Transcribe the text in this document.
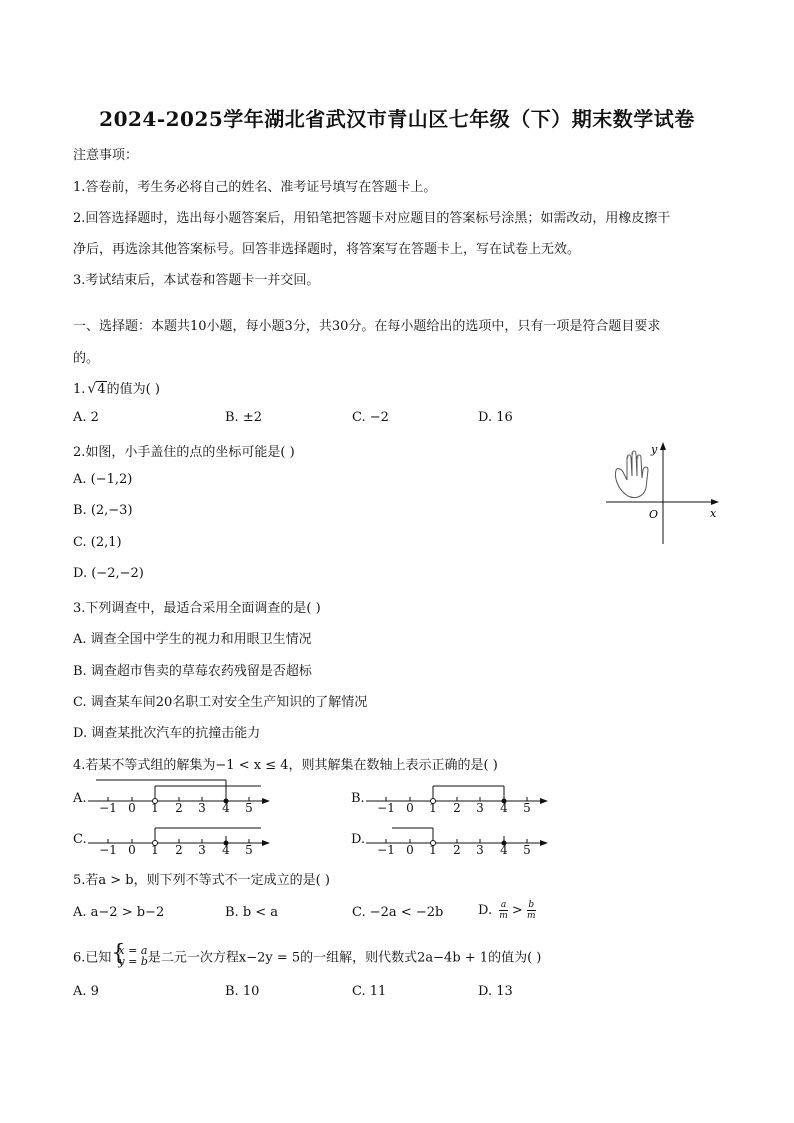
2024-2025学年湖北省武汉市青山区七年级（下）期末数学试卷
注意事项：
1.答卷前，考生务必将自己的姓名、准考证号填写在答题卡上。
2.回答选择题时，选出每小题答案后，用铅笔把答题卡对应题目的答案标号涂黑；如需改动，用橡皮擦干
净后，再选涂其他答案标号。回答非选择题时，将答案写在答题卡上，写在试卷上无效。
3.考试结束后，本试卷和答题卡一并交回。
一、选择题：本题共10小题，每小题3分，共30分。在每小题给出的选项中，只有一项是符合题目要求
的。
1. √4的值为( )
A. 2	B. ±2	C. −2	D. 16
2.如图，小手盖住的点的坐标可能是( )
A. (−1,2)
B. (2,−3)
C. (2,1)
D. (−2,−2)
y
x
O
3.下列调查中，最适合采用全面调查的是( )
A. 调查全国中学生的视力和用眼卫生情况
B. 调查超市售卖的草莓农药残留是否超标
C. 调查某车间20名职工对安全生产知识的了解情况
D. 调查某批次汽车的抗撞击能力
4.若某不等式组的解集为−1 < x ≤ 4，则其解集在数轴上表示正确的是( )
A.	B.
C.	D.
−1 0	1	2	3	4	5	−1 0	1	2	3	4	5
−1 0	1	2	3	4	5	−1 0	1	2	3	4	5
5.若a > b，则下列不等式不一定成立的是( )
A. a−2 > b−2	B. b < a	C. −2a < −2b	D. $\frac{a}{m} > \frac{b}{m}$
6.已知 {
x = a
y = b 是二元一次方程x−2y = 5的一组解，则代数式2a−4b + 1的值为( )
A. 9	B. 10	C. 11	D. 13
